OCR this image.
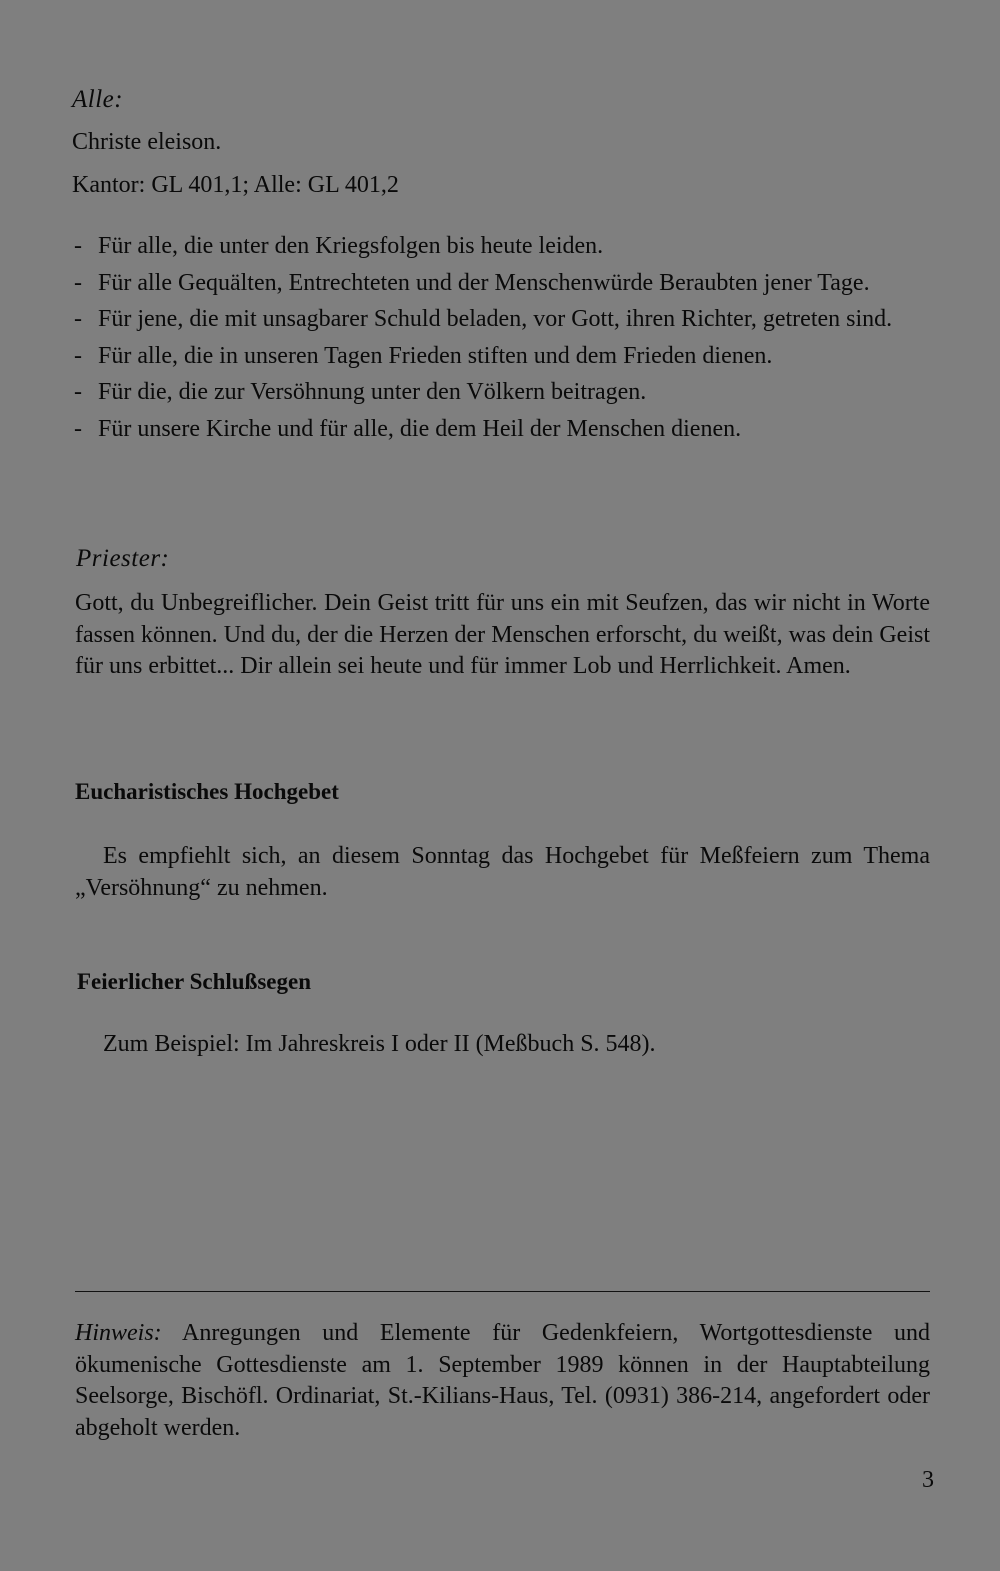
Alle:
Christe eleison.
Kantor: GL 401,1; Alle: GL 401,2
- Für alle, die unter den Kriegsfolgen bis heute leiden.
- Für alle Gequälten, Entrechteten und der Menschenwürde Beraubten jener Tage.
- Für jene, die mit unsagbarer Schuld beladen, vor Gott, ihren Richter, getreten sind.
- Für alle, die in unseren Tagen Frieden stiften und dem Frieden dienen.
- Für die, die zur Versöhnung unter den Völkern beitragen.
- Für unsere Kirche und für alle, die dem Heil der Menschen dienen.
Priester:
Gott, du Unbegreiflicher. Dein Geist tritt für uns ein mit Seufzen, das wir nicht in Worte fassen können. Und du, der die Herzen der Menschen erforscht, du weißt, was dein Geist für uns erbittet... Dir allein sei heute und für immer Lob und Herrlichkeit. Amen.
Eucharistisches Hochgebet
Es empfiehlt sich, an diesem Sonntag das Hochgebet für Meßfeiern zum Thema „Versöhnung“ zu nehmen.
Feierlicher Schlußsegen
Zum Beispiel: Im Jahreskreis I oder II (Meßbuch S. 548).
Hinweis: Anregungen und Elemente für Gedenkfeiern, Wortgottesdienste und ökumenische Gottesdienste am 1. September 1989 können in der Hauptabteilung Seelsorge, Bischöfl. Ordinariat, St.-Kilians-Haus, Tel. (0931) 386-214, angefordert oder abgeholt werden.
3
